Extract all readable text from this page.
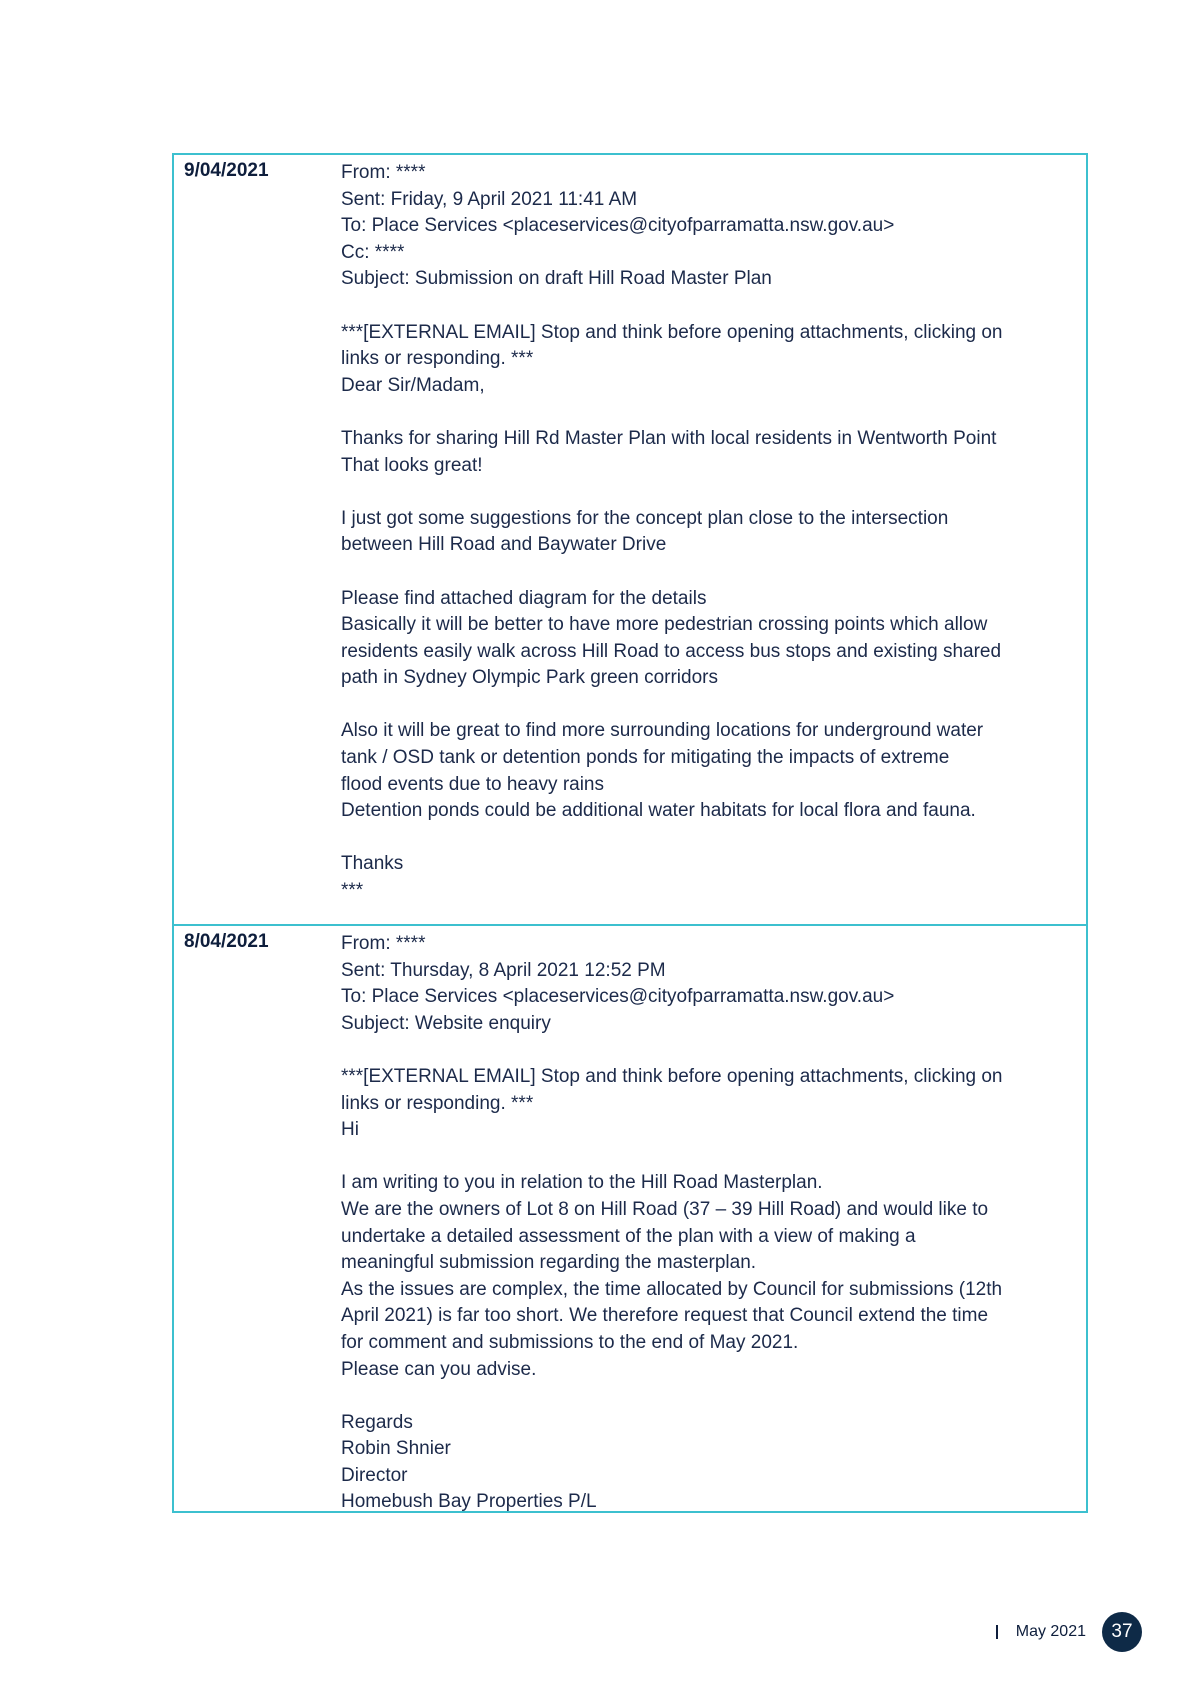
9/04/2021	From: ****
Sent: Friday, 9 April 2021 11:41 AM
To: Place Services <placeservices@cityofparramatta.nsw.gov.au>
Cc: ****
Subject: Submission on draft Hill Road Master Plan
***[EXTERNAL EMAIL] Stop and think before opening attachments, clicking on
links or responding. ***
Dear Sir/Madam,
Thanks for sharing Hill Rd Master Plan with local residents in Wentworth Point
That looks great!
I just got some suggestions for the concept plan close to the intersection
between Hill Road and Baywater Drive
Please find attached diagram for the details
Basically it will be better to have more pedestrian crossing points which allow
residents easily walk across Hill Road to access bus stops and existing shared
path in Sydney Olympic Park green corridors
Also it will be great to find more surrounding locations for underground water
tank / OSD tank or detention ponds for mitigating the impacts of extreme
flood events due to heavy rains
Detention ponds could be additional water habitats for local flora and fauna.
Thanks
***
8/04/2021	From: ****
Sent: Thursday, 8 April 2021 12:52 PM
To: Place Services <placeservices@cityofparramatta.nsw.gov.au>
Subject: Website enquiry
***[EXTERNAL EMAIL] Stop and think before opening attachments, clicking on
links or responding. ***
Hi
I am writing to you in relation to the Hill Road Masterplan.
We are the owners of Lot 8 on Hill Road (37 – 39 Hill Road) and would like to
undertake a detailed assessment of the plan with a view of making a
meaningful submission regarding the masterplan.
As the issues are complex, the time allocated by Council for submissions (12th
April 2021) is far too short. We therefore request that Council extend the time
for comment and submissions to the end of May 2021.
Please can you advise.
Regards
Robin Shnier
Director
Homebush Bay Properties P/L
May 2021	37
